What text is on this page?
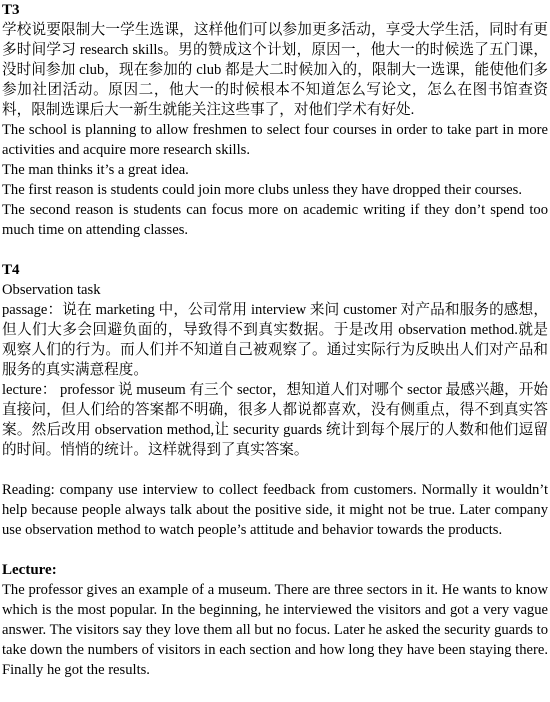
T3

学校说要限制大一学生选课，这样他们可以参加更多活动，享受大学生活，同时有更多时间学习 research skills。男的赞成这个计划，原因一，他大一的时候选了五门课，没时间参加 club，现在参加的 club 都是大二时候加入的，限制大一选课，能使他们多参加社团活动。原因二，他大一的时候根本不知道怎么写论文，怎么在图书馆查资料，限制选课后大一新生就能关注这些事了，对他们学术有好处.

The school is planning to allow freshmen to select four courses in order to take part in more activities and acquire more research skills.

The man thinks it’s a great idea.

The first reason is students could join more clubs unless they have dropped their courses.

The second reason is students can focus more on academic writing if they don’t spend too much time on attending classes.

T4

Observation task

passage：说在 marketing 中，公司常用 interview 来问 customer 对产品和服务的感想，但人们大多会回避负面的，导致得不到真实数据。于是改用 observation method.就是观察人们的行为。而人们并不知道自己被观察了。通过实际行为反映出人们对产品和服务的真实满意程度。

lecture： professor 说 museum 有三个 sector，想知道人们对哪个 sector 最感兴趣，开始直接问，但人们给的答案都不明确，很多人都说都喜欢，没有侧重点，得不到真实答案。然后改用 observation method,让 security guards 统计到每个展厅的人数和他们逗留的时间。悄悄的统计。这样就得到了真实答案。

Reading: company use interview to collect feedback from customers. Normally it wouldn’t help because people always talk about the positive side, it might not be true. Later company use observation method to watch people’s attitude and behavior towards the products.

Lecture:

The professor gives an example of a museum. There are three sectors in it. He wants to know which is the most popular. In the beginning, he interviewed the visitors and got a very vague answer. The visitors say they love them all but no focus. Later he asked the security guards to take down the numbers of visitors in each section and how long they have been staying there. Finally he got the results.
